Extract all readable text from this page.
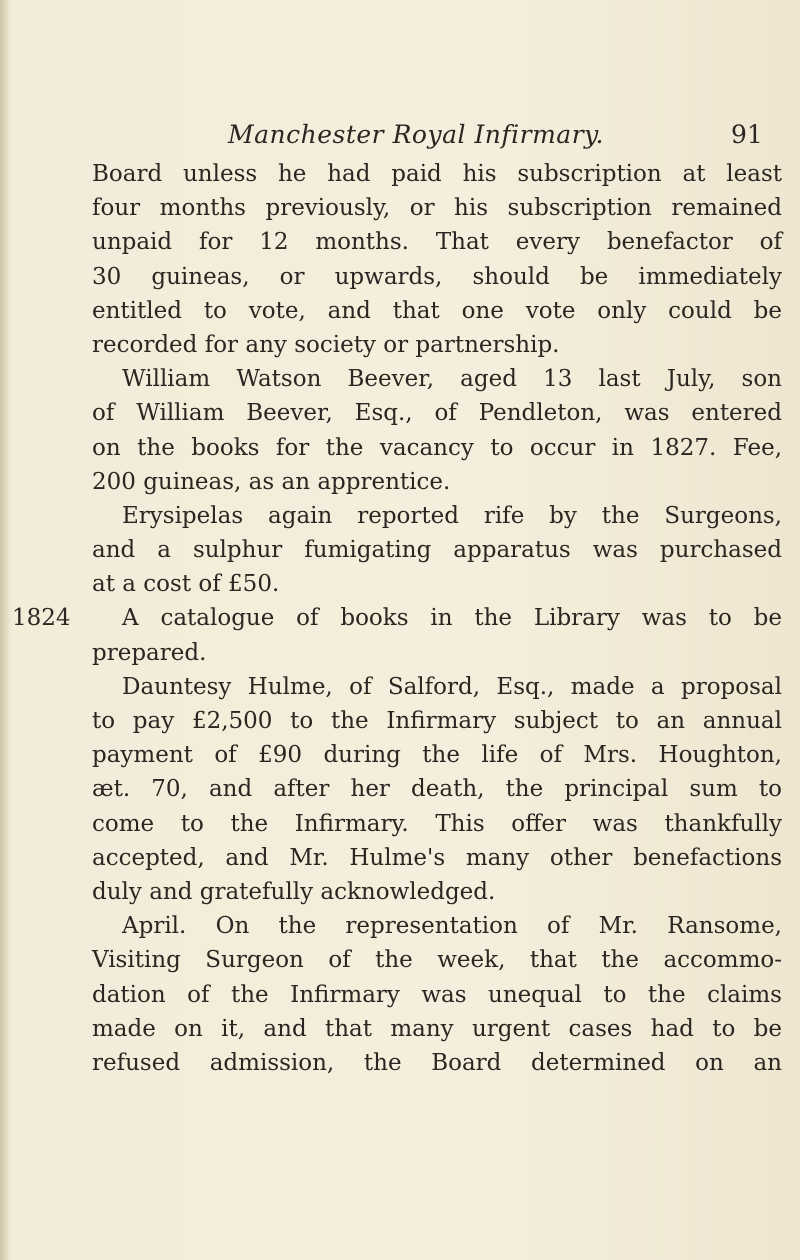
Manchester Royal Infirmary.	91
Board unless he had paid his subscription at least
four months previously, or his subscription remained
unpaid for 12 months. That every benefactor of
30 guineas, or upwards, should be immediately
entitled to vote, and that one vote only could be
recorded for any society or partnership.
William Watson Beever, aged 13 last July, son
of William Beever, Esq., of Pendleton, was entered
on the books for the vacancy to occur in 1827. Fee,
200 guineas, as an apprentice.
Erysipelas again reported rife by the Surgeons,
and a sulphur fumigating apparatus was purchased
at a cost of £50.
A catalogue of books in the Library was to be
prepared.
Dauntesy Hulme, of Salford, Esq., made a proposal
to pay £2,500 to the Infirmary subject to an annual
payment of £90 during the life of Mrs. Houghton,
æt. 70, and after her death, the principal sum to
come to the Infirmary. This offer was thankfully
accepted, and Mr. Hulme's many other benefactions
duly and gratefully acknowledged.
April. On the representation of Mr. Ransome,
Visiting Surgeon of the week, that the accommo-
dation of the Infirmary was unequal to the claims
made on it, and that many urgent cases had to be
refused admission, the Board determined on an
1824
